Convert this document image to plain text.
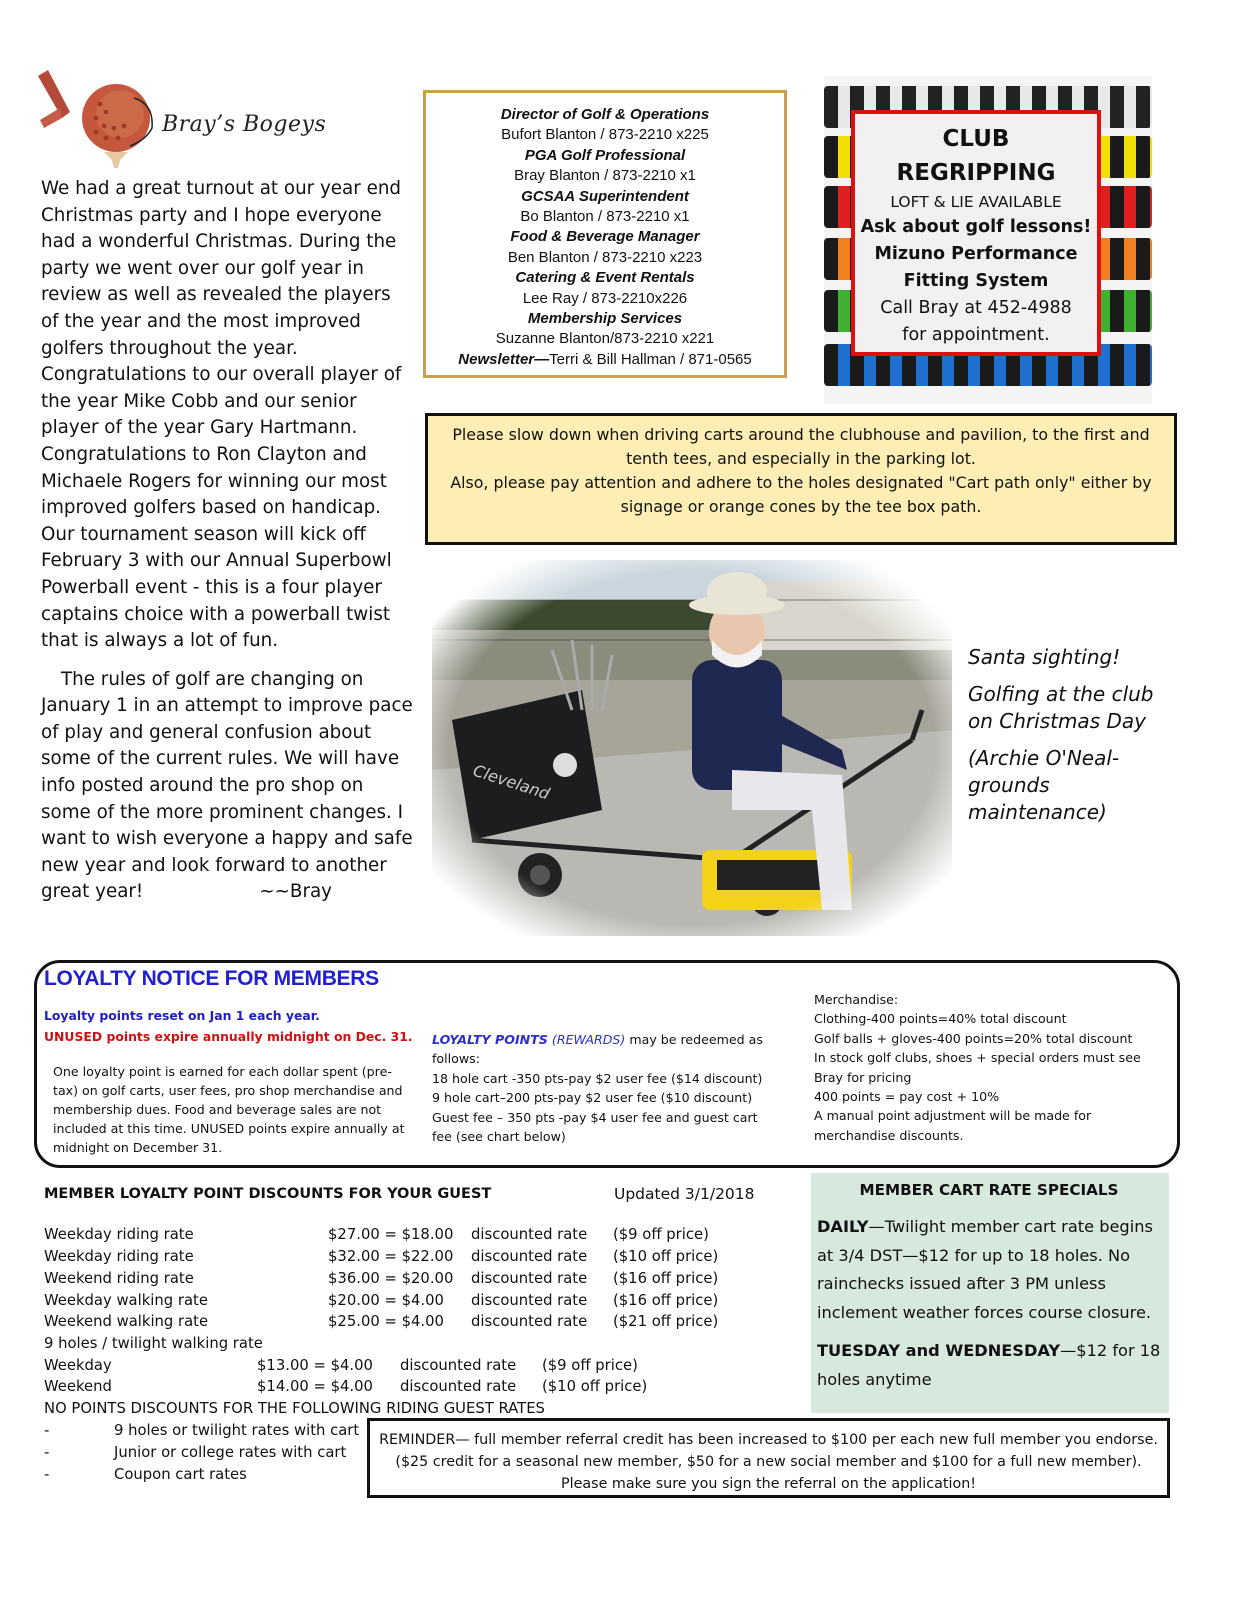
Bray’s Bogeys

We had a great turnout at our year end Christmas party and I hope everyone had a wonderful Christmas. During the party we went over our golf year in review as well as revealed the players of the year and the most improved golfers throughout the year. Congratulations to our overall player of the year Mike Cobb and our senior player of the year Gary Hartmann. Congratulations to Ron Clayton and Michaele Rogers for winning our most improved golfers based on handicap. Our tournament season will kick off February 3 with our Annual Superbowl Powerball event - this is a four player captains choice with a powerball twist that is always a lot of fun.

The rules of golf are changing on January 1 in an attempt to improve pace of play and general confusion about some of the current rules. We will have info posted around the pro shop on some of the more prominent changes. I want to wish everyone a happy and safe new year and look forward to another great year!	~~Bray

Director of Golf & Operations
Bufort Blanton / 873-2210 x225
PGA Golf Professional
Bray Blanton / 873-2210 x1
GCSAA Superintendent
Bo Blanton / 873-2210 x1
Food & Beverage Manager
Ben Blanton / 873-2210 x223
Catering & Event Rentals
Lee Ray / 873-2210x226
Membership Services
Suzanne Blanton/873-2210 x221
Newsletter—Terri & Bill Hallman / 871-0565
CLUB
REGRIPPING
LOFT & LIE AVAILABLE
Ask about golf lessons!
Mizuno Performance
Fitting System
Call Bray at 452-4988
for appointment.

Please slow down when driving carts around the clubhouse and pavilion, to the first and tenth tees, and especially in the parking lot.

Also, please pay attention and adhere to the holes designated "Cart path only" either by signage or orange cones by the tee box path.

Santa sighting!

Golfing at the club on Christmas Day

(Archie O'Neal-grounds maintenance)

LOYALTY NOTICE FOR MEMBERS
Loyalty points reset on Jan 1 each year.
UNUSED points expire annually midnight on Dec. 31.
One loyalty point is earned for each dollar spent (pre-tax) on golf carts, user fees, pro shop merchandise and membership dues. Food and beverage sales are not included at this time. UNUSED points expire annually at midnight on December 31.
LOYALTY POINTS (REWARDS) may be redeemed as follows:
18 hole cart -350 pts-pay $2 user fee ($14 discount)
9 hole cart–200 pts-pay $2 user fee ($10 discount)
Guest fee – 350 pts -pay $4 user fee and guest cart fee (see chart below)
Merchandise:
Clothing-400 points=40% total discount
Golf balls + gloves-400 points=20% total discount
In stock golf clubs, shoes + special orders must see Bray for pricing
400 points = pay cost + 10%
A manual point adjustment will be made for merchandise discounts.
MEMBER LOYALTY POINT DISCOUNTS FOR YOUR GUEST	Updated 3/1/2018
Weekday riding rate	$27.00 = $18.00 discounted rate ($9 off price)
Weekday riding rate	$32.00 = $22.00 discounted rate ($10 off price)
Weekend riding rate	$36.00 = $20.00 discounted rate ($16 off price)
Weekday walking rate	$20.00 = $4.00 discounted rate ($16 off price)
Weekend walking rate	$25.00 = $4.00 discounted rate ($21 off price)
9 holes / twilight walking rate
Weekday	$13.00 = $4.00 discounted rate ($9 off price)
Weekend	$14.00 = $4.00 discounted rate ($10 off price)
NO POINTS DISCOUNTS FOR THE FOLLOWING RIDING GUEST RATES
-	9 holes or twilight rates with cart
-	Junior or college rates with cart
-	Coupon cart rates
MEMBER CART RATE SPECIALS

DAILY—Twilight member cart rate begins at 3/4 DST—$12 for up to 18 holes. No rainchecks issued after 3 PM unless inclement weather forces course closure.

TUESDAY and WEDNESDAY—$12 for 18 holes anytime

REMINDER— full member referral credit has been increased to $100 per each new full member you endorse.

($25 credit for a seasonal new member, $50 for a new social member and $100 for a full new member).

Please make sure you sign the referral on the application!
